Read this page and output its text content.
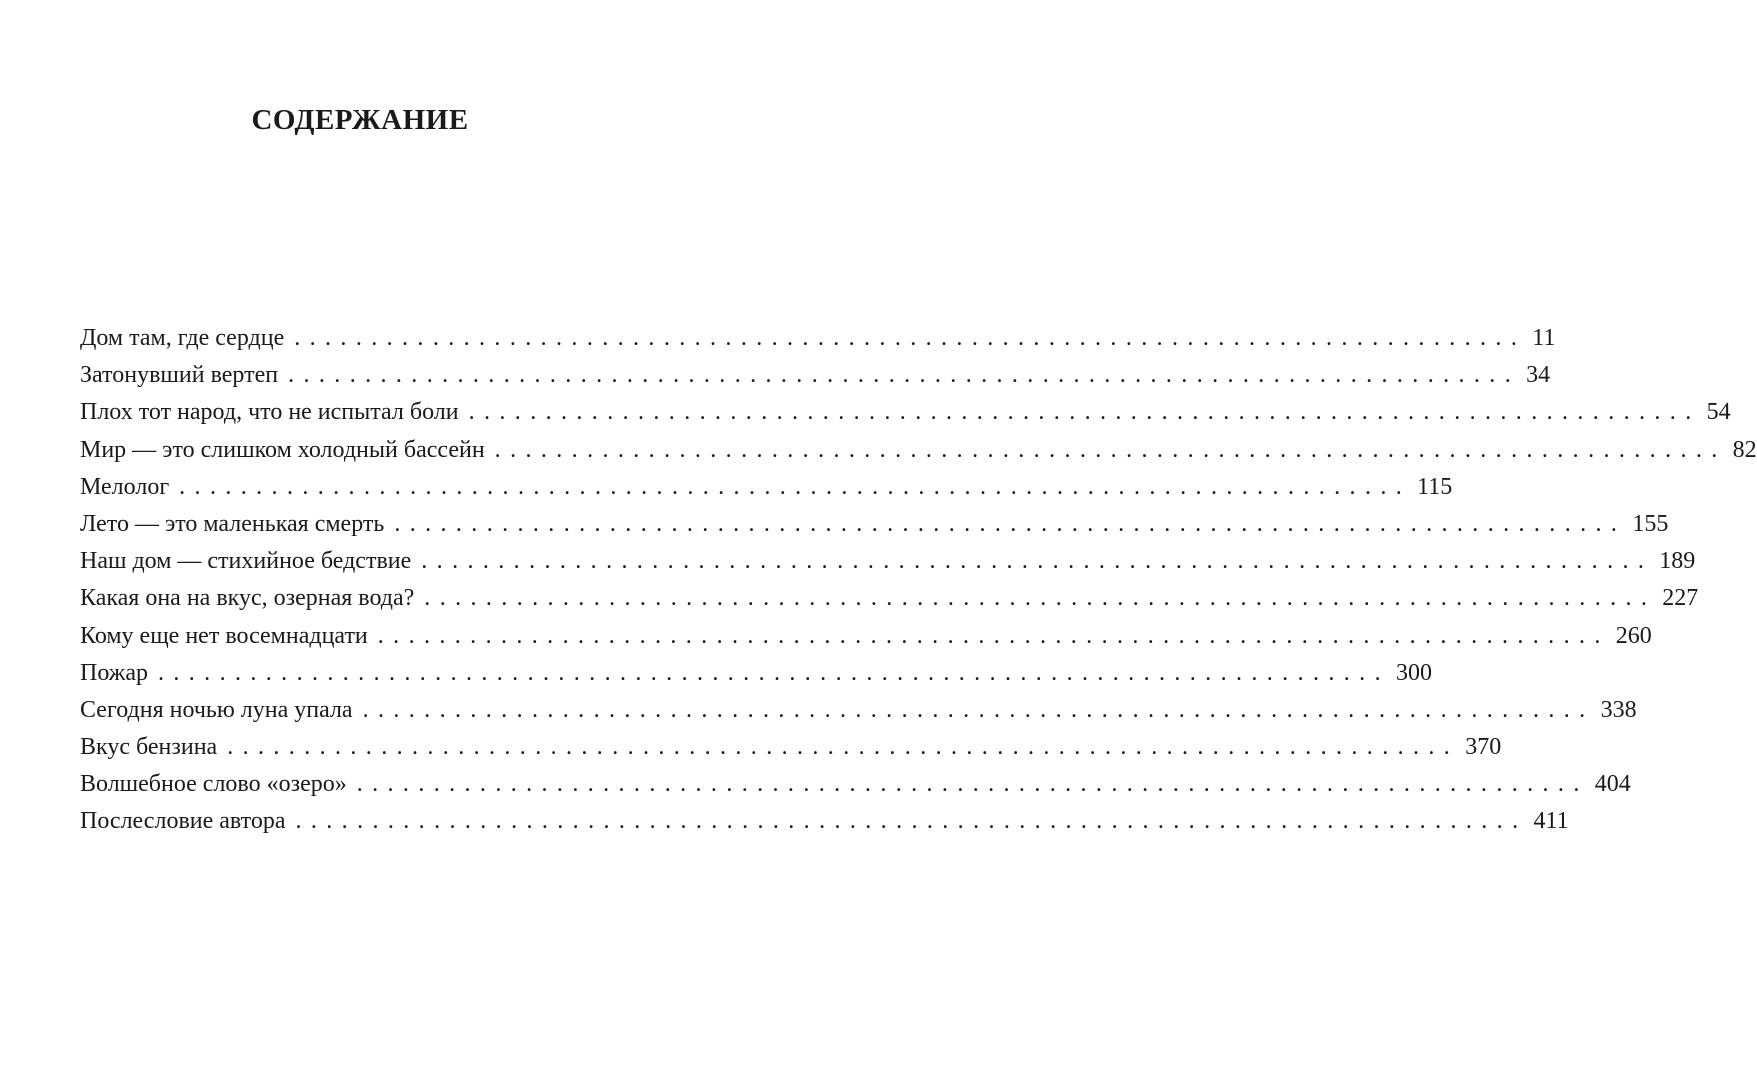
СОДЕРЖАНИЕ
Дом там, где сердце ................................................................................ 11
Затонувший вертеп ................................................................................ 34
Плох тот народ, что не испытал боли ................................................................................ 54
Мир — это слишком холодный бассейн ................................................................................ 82
Мелолог ................................................................................ 115
Лето — это маленькая смерть ................................................................................ 155
Наш дом — стихийное бедствие ................................................................................ 189
Какая она на вкус, озерная вода? ................................................................................ 227
Кому еще нет восемнадцати ................................................................................ 260
Пожар ................................................................................ 300
Сегодня ночью луна упала ................................................................................ 338
Вкус бензина ................................................................................ 370
Волшебное слово «озеро» ................................................................................ 404
Послесловие автора ................................................................................ 411
